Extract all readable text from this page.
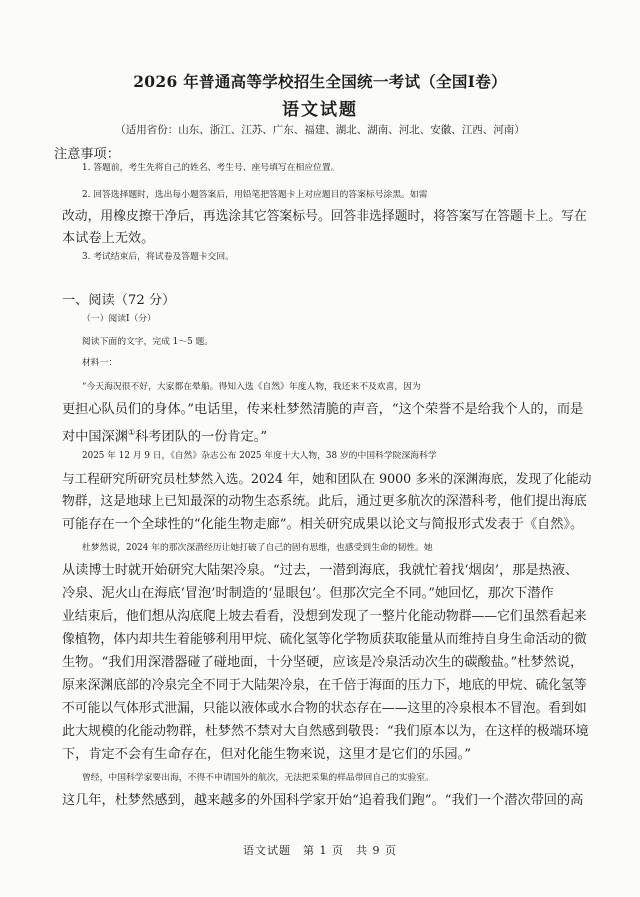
2026 年普通高等学校招生全国统一考试（全国Ⅰ卷）
语文试题
（适用省份：山东、浙江、江苏、广东、福建、湖北、湖南、河北、安徽、江西、河南）
注意事项：
1. 答题前，考生先将自己的姓名、考生号、座号填写在相应位置。
2. 回答选择题时，选出每小题答案后，用铅笔把答题卡上对应题目的答案标号涂黑。如需
改动，用橡皮擦干净后，再选涂其它答案标号。回答非选择题时，将答案写在答题卡上。写在
本试卷上无效。
3. 考试结束后，将试卷及答题卡交回。
一、阅读（72 分）
（一）阅读Ⅰ（分）
阅读下面的文字，完成 1～5 题。
材料一：
“今天海况很不好，大家都在晕船。得知入选《自然》年度人物，我还来不及欢喜，因为
更担心队员们的身体。”电话里，传来杜梦然清脆的声音，“这个荣誉不是给我个人的，而是
对中国深渊①科考团队的一份肯定。”
2025 年 12 月 9 日，《自然》杂志公布 2025 年度十大人物，38 岁的中国科学院深海科学
与工程研究所研究员杜梦然入选。2024 年，她和团队在 9000 多米的深渊海底，发现了化能动
物群，这是地球上已知最深的动物生态系统。此后，通过更多航次的深潜科考，他们提出海底
可能存在一个全球性的“化能生物走廊”。相关研究成果以论文与简报形式发表于《自然》。
杜梦然说，2024 年的那次深潜经历让她打破了自己的固有思维，也感受到生命的韧性。她
从读博士时就开始研究大陆架冷泉。“过去，一潜到海底，我就忙着找‘烟囱’，那是热液、
冷泉、泥火山在海底‘冒泡’时制造的‘显眼包’。但那次完全不同。”她回忆，那次下潜作
业结束后，他们想从沟底爬上坡去看看，没想到发现了一整片化能动物群——它们虽然看起来
像植物，体内却共生着能够利用甲烷、硫化氢等化学物质获取能量从而维持自身生命活动的微
生物。“我们用深潜器碰了碰地面，十分坚硬，应该是冷泉活动次生的碳酸盐。”杜梦然说，
原来深渊底部的冷泉完全不同于大陆架冷泉，在千倍于海面的压力下，地底的甲烷、硫化氢等
不可能以气体形式泄漏，只能以液体或水合物的状态存在——这里的冷泉根本不冒泡。看到如
此大规模的化能动物群，杜梦然不禁对大自然感到敬畏：“我们原本以为，在这样的极端环境
下，肯定不会有生命存在，但对化能生物来说，这里才是它们的乐园。”
曾经，中国科学家要出海，不得不申请国外的航次，无法把采集的样品带回自己的实验室。
这几年，杜梦然感到，越来越多的外国科学家开始“追着我们跑”。“我们一个潜次带回的高
语文试题　第 1 页　共 9 页
